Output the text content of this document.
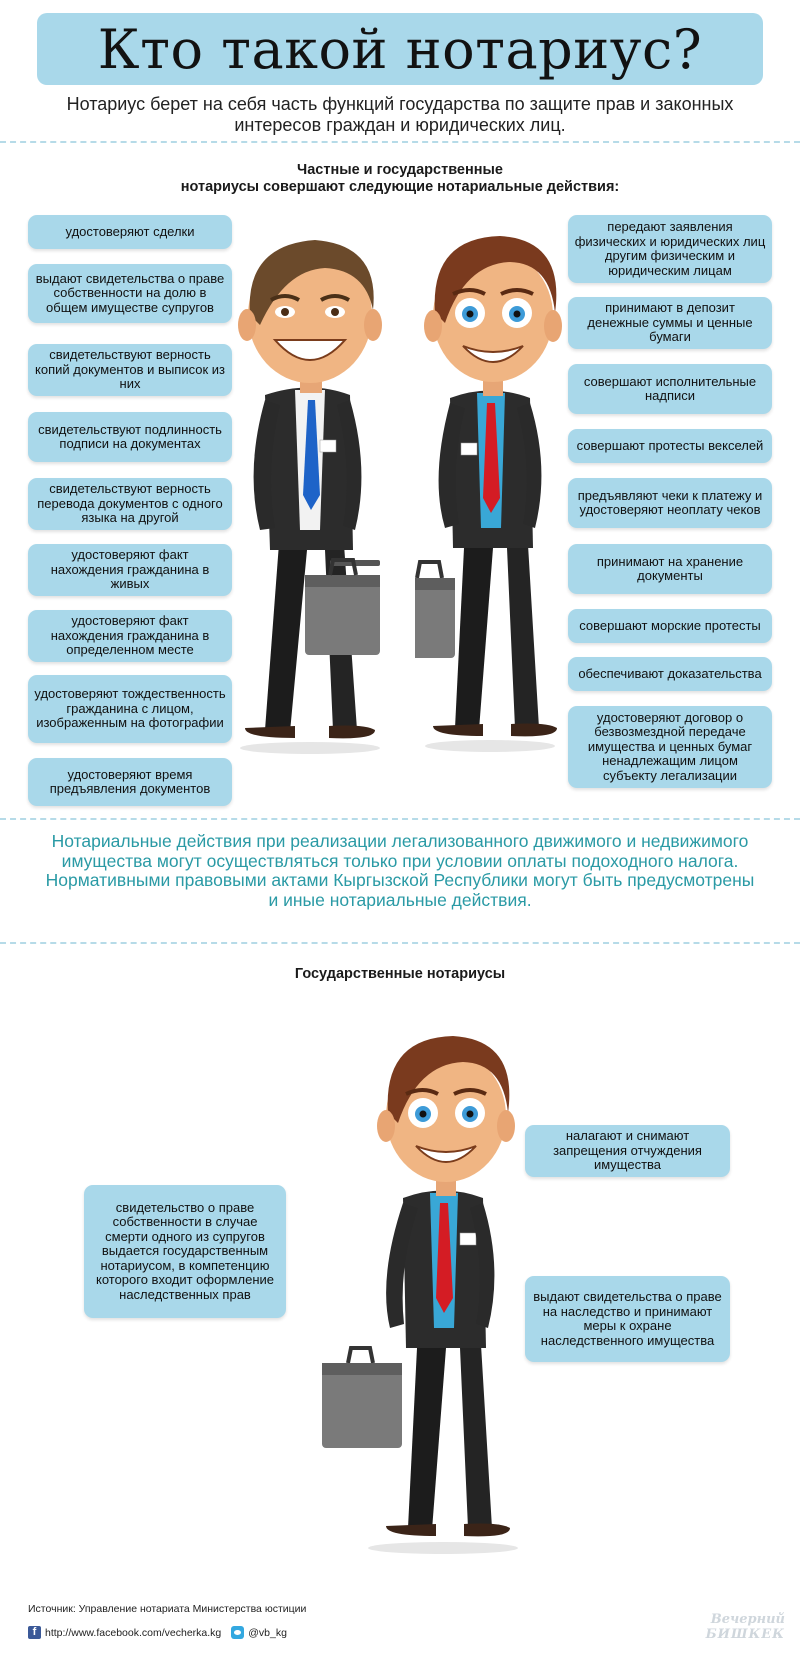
Кто такой нотариус?
Нотариус берет на себя часть функций государства по защите прав и законных интересов граждан и юридических лиц.
Частные и государственные
нотариусы совершают следующие нотариальные действия:
удостоверяют сделки
выдают свидетельства о праве собственности на долю в общем имуществе супругов
свидетельствуют верность копий документов и выписок из них
свидетельствуют подлинность подписи на документах
свидетельствуют верность перевода документов с одного языка на другой
удостоверяют факт нахождения гражданина в живых
удостоверяют факт нахождения гражданина в определенном месте
удостоверяют тождественность гражданина с лицом, изображенным на фотографии
удостоверяют время предъявления документов
передают заявления физических и юридических лиц другим физическим и юридическим лицам
принимают в депозит денежные суммы и ценные бумаги
совершают исполнительные надписи
совершают протесты векселей
предъявляют чеки к платежу и удостоверяют неоплату чеков
принимают на хранение документы
совершают морские протесты
обеспечивают доказательства
удостоверяют договор о безвозмездной передаче имущества и ценных бумаг ненадлежащим лицом субъекту легализации
Нотариальные действия при реализации легализованного движимого и недвижимого имущества могут осуществляться только при условии оплаты подоходного налога. Нормативными правовыми актами Кыргызской Республики могут быть предусмотрены и иные нотариальные действия.
Государственные нотариусы
свидетельство о праве собственности в случае смерти одного из супругов выдается государственным нотариусом, в компетенцию которого входит оформление наследственных прав
налагают и снимают запрещения отчуждения имущества
выдают свидетельства о праве на наследство и принимают меры к охране наследственного имущества
Источник: Управление нотариата Министерства юстиции
f http://www.facebook.com/vecherka.kg	@vb_kg
Вечерний
БИШКЕК
